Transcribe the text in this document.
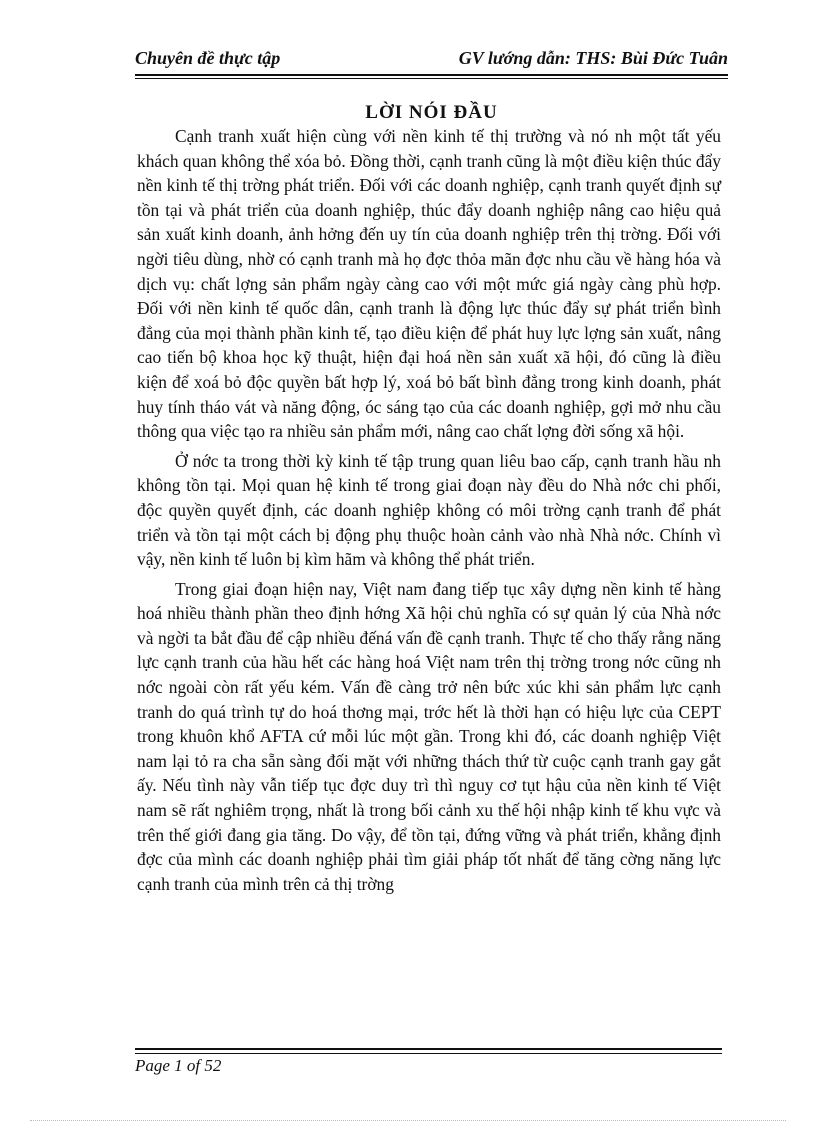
Chuyên đề thực tập	GV lướng dẫn: THS: Bùi Đức Tuân
LỜI NÓI ĐẦU

Cạnh tranh xuất hiện cùng với nền kinh tế thị trường và nó nh một tất yếu khách quan không thể xóa bỏ. Đồng thời, cạnh tranh cũng là một điều kiện thúc đẩy nền kinh tế thị trờng phát triển. Đối với các doanh nghiệp, cạnh tranh quyết định sự tồn tại và phát triển của doanh nghiệp, thúc đẩy doanh nghiệp nâng cao hiệu quả sản xuất kinh doanh, ảnh hởng đến uy tín của doanh nghiệp trên thị trờng. Đối với ngời tiêu dùng, nhờ có cạnh tranh mà họ đợc thỏa mãn đợc nhu cầu về hàng hóa và dịch vụ: chất lợng sản phẩm ngày càng cao với một mức giá ngày càng phù hợp. Đối với nền kinh tế quốc dân, cạnh tranh là động lực thúc đẩy sự phát triển bình đẳng của mọi thành phần kinh tế, tạo điều kiện để phát huy lực lợng sản xuất, nâng cao tiến bộ khoa học kỹ thuật, hiện đại hoá nền sản xuất xã hội, đó cũng là điều kiện để xoá bỏ độc quyền bất hợp lý, xoá bỏ bất bình đẳng trong kinh doanh, phát huy tính tháo vát và năng động, óc sáng tạo của các doanh nghiệp, gợi mở nhu cầu thông qua việc tạo ra nhiều sản phẩm mới, nâng cao chất lợng đời sống xã hội.

Ở nớc ta trong thời kỳ kinh tế tập trung quan liêu bao cấp, cạnh tranh hầu nh không tồn tại. Mọi quan hệ kinh tế trong giai đoạn này đều do Nhà nớc chi phối, độc quyền quyết định, các doanh nghiệp không có môi trờng cạnh tranh để phát triển và tồn tại một cách bị động phụ thuộc hoàn cảnh vào nhà Nhà nớc. Chính vì vậy, nền kinh tế luôn bị kìm hãm và không thể phát triển.

Trong giai đoạn hiện nay, Việt nam đang tiếp tục xây dựng nền kinh tế hàng hoá nhiều thành phần theo định hớng Xã hội chủ nghĩa có sự quản lý của Nhà nớc và ngời ta bắt đầu để cập nhiều đếná vấn đề cạnh tranh. Thực tế cho thấy rằng năng lực cạnh tranh của hầu hết các hàng hoá Việt nam trên thị trờng trong nớc cũng nh nớc ngoài còn rất yếu kém. Vấn đề càng trở nên bức xúc khi sản phẩm lực cạnh tranh do quá trình tự do hoá thơng mại, trớc hết là thời hạn có hiệu lực của CEPT trong khuôn khổ AFTA cứ mỗi lúc một gần. Trong khi đó, các doanh nghiệp Việt nam lại tỏ ra cha sẵn sàng đối mặt với những thách thứ từ cuộc cạnh tranh gay gắt ấy. Nếu tình này vẫn tiếp tục đợc duy trì thì nguy cơ tụt hậu của nền kinh tế Việt nam sẽ rất nghiêm trọng, nhất là trong bối cảnh xu thế hội nhập kinh tế khu vực và trên thế giới đang gia tăng. Do vậy, để tồn tại, đứng vững và phát triển, khẳng định đợc của mình các doanh nghiệp phải tìm giải pháp tốt nhất để tăng cờng năng lực cạnh tranh của mình trên cả thị trờng

Page 1 of 52
